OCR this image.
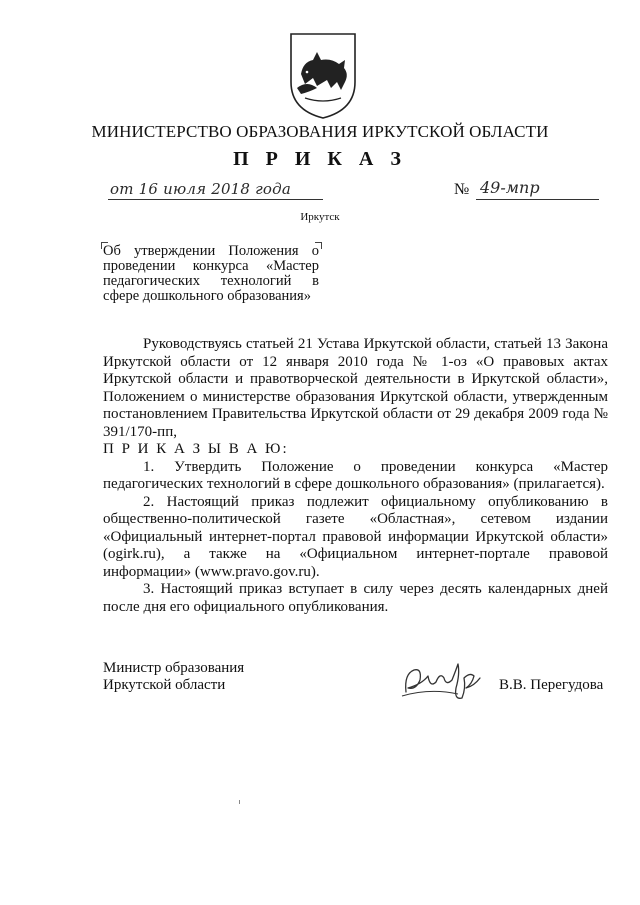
МИНИСТЕРСТВО ОБРАЗОВАНИЯ ИРКУТСКОЙ ОБЛАСТИ
П Р И К А З
от 16 июля 2018 года	№ 49-мпр
Иркутск
Об утверждении Положения о проведении конкурса «Мастер педагогических технологий в сфере дошкольного образования»

Руководствуясь статьей 21 Устава Иркутской области, статьей 13 Закона Иркутской области от 12 января 2010 года № 1-оз «О правовых актах Иркутской области и правотворческой деятельности в Иркутской области», Положением о министерстве образования Иркутской области, утвержденным постановлением Правительства Иркутской области от 29 декабря 2009 года № 391/170-пп,

П Р И К А З Ы В А Ю:

1. Утвердить Положение о проведении конкурса «Мастер педагогических технологий в сфере дошкольного образования» (прилагается).

2. Настоящий приказ подлежит официальному опубликованию в общественно-политической газете «Областная», сетевом издании «Официальный интернет-портал правовой информации Иркутской области» (ogirk.ru), а также на «Официальном интернет-портале правовой информации» (www.pravo.gov.ru).

3. Настоящий приказ вступает в силу через десять календарных дней после дня его официального опубликования.

Министр образования
Иркутской области	В.В. Перегудова
